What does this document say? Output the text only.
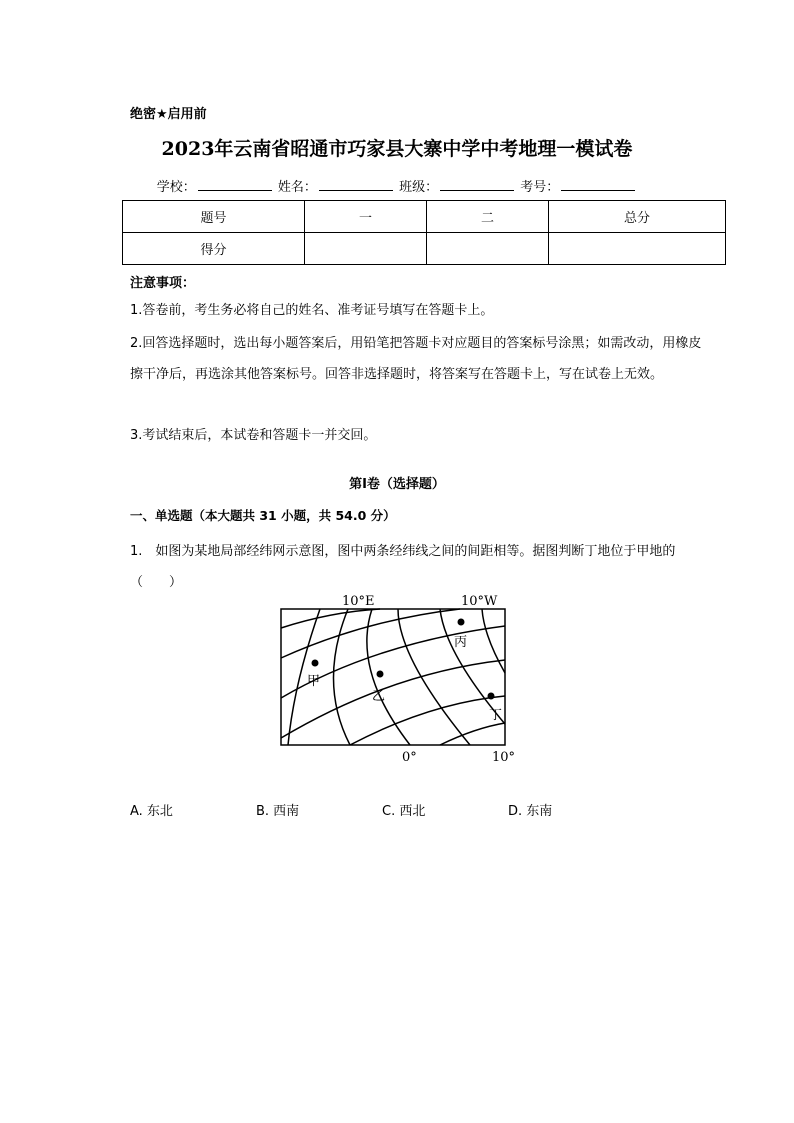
绝密★启用前
2023年云南省昭通市巧家县大寨中学中考地理一模试卷
学校：	姓名：	班级：	考号：
题号	一	二	总分
得分			
注意事项：
1.答卷前，考生务必将自己的姓名、准考证号填写在答题卡上。
2.回答选择题时，选出每小题答案后，用铅笔把答题卡对应题目的答案标号涂黑；如需改动，用橡皮擦干净后，再选涂其他答案标号。回答非选择题时，将答案写在答题卡上，写在试卷上无效。
3.考试结束后，本试卷和答题卡一并交回。
第Ⅰ卷（选择题）
一、单选题（本大题共 31 小题，共 54.0 分）
1.　如图为某地局部经纬网示意图，图中两条经纬线之间的间距相等。据图判断丁地位于甲地的（　　）
10°E	10°W
甲
乙
丙
丁
0°	10°
A. 东北	B. 西南	C. 西北	D. 东南
